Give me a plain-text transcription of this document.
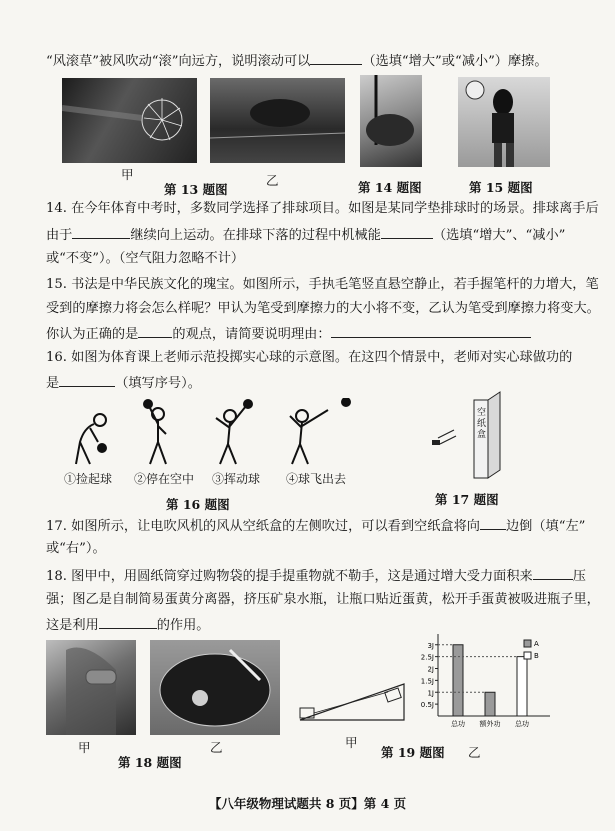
“风滚草”被风吹动“滚”向远方，说明滚动可以	（选填“增大”或“减小”）摩擦。
甲	乙
第 13 题图	第 14 题图	第 15 题图
14. 在今年体育中考时，多数同学选择了排球项目。如图是某同学垫排球时的场景。排球离手后
由于	继续向上运动。在排球下落的过程中机械能	（选填“增大”、“减小”
或“不变”）。（空气阻力忽略不计）
15. 书法是中华民族文化的瑰宝。如图所示，手执毛笔竖直悬空静止，若手握笔杆的力增大，笔
受到的摩擦力将会怎么样呢？甲认为笔受到摩擦力的大小将不变，乙认为笔受到摩擦力将变大。
你认为正确的是	的观点，请简要说明理由：
16. 如图为体育课上老师示范投掷实心球的示意图。在这四个情景中，老师对实心球做功的
是	（填写序号）。
①捡起球 ②停在空中 ③挥动球 ④球飞出去
第 16 题图
空纸盒
第 17 题图
17. 如图所示，让电吹风机的风从空纸盒的左侧吹过，可以看到空纸盒将向 边倒（填“左”
或“右”）。
18. 图甲中，用圆纸筒穿过购物袋的提手提重物就不勒手，这是通过增大受力面积来	压
强；图乙是自制简易蛋黄分离器，挤压矿泉水瓶，让瓶口贴近蛋黄，松开手蛋黄被吸进瓶子里，
这是利用	的作用。
甲	乙
第 18 题图
甲
3J
2.5J
2J
1.5J
1J
0.5J
总功 额外功 总功
A
B
乙
第 19 题图
【八年级物理试题共 8 页】第 4 页
